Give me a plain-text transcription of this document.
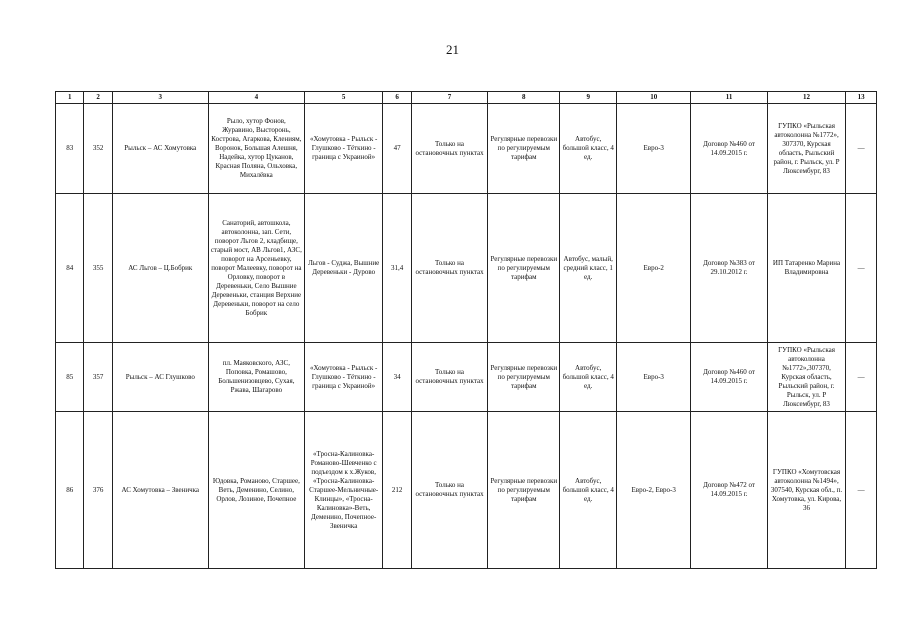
21
1	2	3	4	5	6	7	8	9	10	11	12	13
83	352	Рыльск – АС Хомутовка	Рыло, хутор Фонов, Журавино, Высторонь, Кострова, Агаркова, Клениям, Воронок, Большая Алешня, Надейка, хутор Цуканов, Красная Поляна, Ольховка, Михалёвка	«Хомутовка - Рыльск - Глушково - Тёткино - граница с Украиной»	47	Только на остановочных пунктах	Регулярные перевозки по регулируемым тарифам	Автобус, большой класс, 4 ед.	Евро-3	Договор №460 от 14.09.2015 г.	ГУПКО «Рыльская автоколонна №1772», 307370, Курская область, Рыльский район, г. Рыльск, ул. Р Люксембург, 83	—
84	355	АС Льгов – Ц.Бобрик	Санаторий, автошкола, автоколонна, зап. Сети, поворот Льгов 2, кладбище, старый мост, АВ Льгов1, АЗС, поворот на Арсеньевку, поворот Малеевку, поворот на Орловку, поворот в Деревеньки, Село Вышние Деревеньки, станция Верхние Деревеньки, поворот на село Бобрик	Льгов - Суджа, Вышние Деревеньки - Дурово	31,4	Только на остановочных пунктах	Регулярные перевозки по регулируемым тарифам	Автобус, малый, средний класс, 1 ед.	Евро-2	Договор №383 от 29.10.2012 г.	ИП Татаренко Марина Владимировна	—
85	357	Рыльск – АС Глушково	пл. Маяковского, АЗС, Поповка, Ромашово, Большенизовцево, Сухая, Ржава, Шагарово	«Хомутовка - Рыльск - Глушково - Тёткино - граница с Украиной»	34	Только на остановочных пунктах	Регулярные перевозки по регулируемым тарифам	Автобус, большой класс, 4 ед.	Евро-3	Договор №460 от 14.09.2015 г.	ГУПКО «Рыльская автоколонна №1772»,307370, Курская область, Рыльский район, г. Рыльск, ул. Р Люксембург, 83	—
86	376	АС Хомутовка – Звеничка	Юдовка, Романово, Старшее, Веть, Деменино, Селино, Орлов, Лозиное, Почепное	«Тросна-Калиновка-Романово-Шевченко с подъездом к х.Жуков, «Тросна-Калиновка-Старшее-Мельничные-Клинцы», «Тросна-Калиновка»-Веть, Деменино, Почепное-Звеничка	212	Только на остановочных пунктах	Регулярные перевозки по регулируемым тарифам	Автобус, большой класс, 4 ед.	Евро-2, Евро-3	Договор №472 от 14.09.2015 г.	ГУПКО «Хомутовская автоколонна №1494», 307540, Курская обл., п. Хомутовка, ул. Кирова, 36	—
